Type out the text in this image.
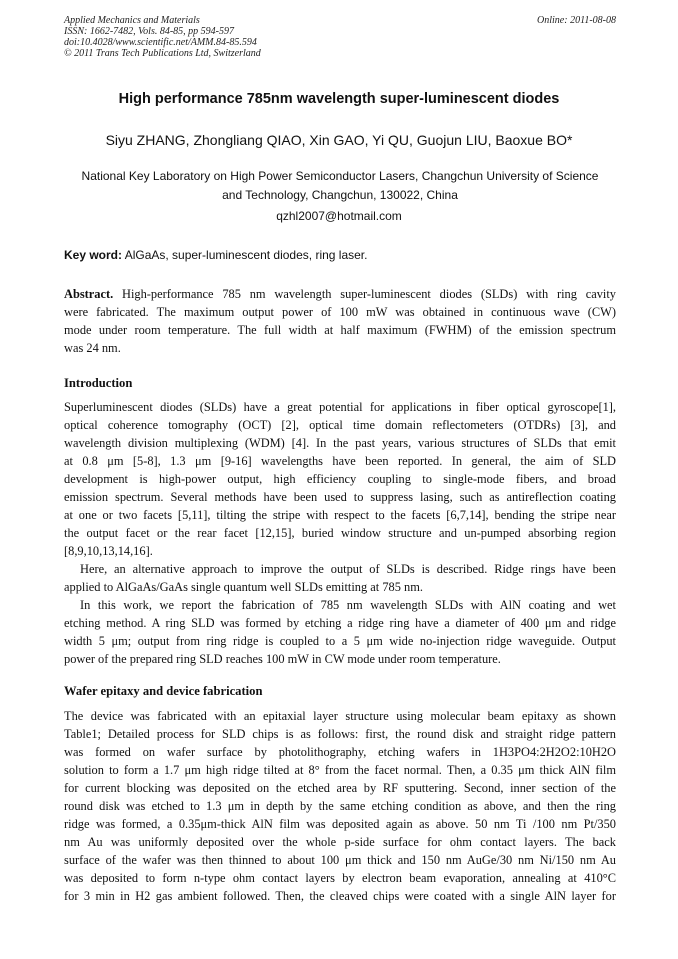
Applied Mechanics and Materials
ISSN: 1662-7482, Vols. 84-85, pp 594-597
doi:10.4028/www.scientific.net/AMM.84-85.594
© 2011 Trans Tech Publications Ltd, Switzerland
Online: 2011-08-08
High performance 785nm wavelength super-luminescent diodes
Siyu ZHANG, Zhongliang QIAO, Xin GAO, Yi QU, Guojun LIU, Baoxue BO*
National Key Laboratory on High Power Semiconductor Lasers, Changchun University of Science
and Technology, Changchun, 130022, China
qzhl2007@hotmail.com
Key word: AlGaAs, super-luminescent diodes, ring laser.
Abstract. High-performance 785 nm wavelength super-luminescent diodes (SLDs) with ring cavity
were fabricated. The maximum output power of 100 mW was obtained in continuous wave (CW)
mode under room temperature. The full width at half maximum (FWHM) of the emission spectrum
was 24 nm.
Introduction
Superluminescent diodes (SLDs) have a great potential for applications in fiber optical gyroscope[1],
optical coherence tomography (OCT) [2], optical time domain reflectometers (OTDRs) [3], and
wavelength division multiplexing (WDM) [4]. In the past years, various structures of SLDs that emit
at 0.8 μm [5-8], 1.3 μm [9-16] wavelengths have been reported. In general, the aim of SLD
development is high-power output, high efficiency coupling to single-mode fibers, and broad
emission spectrum. Several methods have been used to suppress lasing, such as antireflection coating
at one or two facets [5,11], tilting the stripe with respect to the facets [6,7,14], bending the stripe near
the output facet or the rear facet [12,15], buried window structure and un-pumped absorbing region
[8,9,10,13,14,16].
Here, an alternative approach to improve the output of SLDs is described. Ridge rings have been
applied to AlGaAs/GaAs single quantum well SLDs emitting at 785 nm.
In this work, we report the fabrication of 785 nm wavelength SLDs with AlN coating and wet
etching method. A ring SLD was formed by etching a ridge ring have a diameter of 400 μm and ridge
width 5 μm; output from ring ridge is coupled to a 5 μm wide no-injection ridge waveguide. Output
power of the prepared ring SLD reaches 100 mW in CW mode under room temperature.
Wafer epitaxy and device fabrication
The device was fabricated with an epitaxial layer structure using molecular beam epitaxy as shown
Table1; Detailed process for SLD chips is as follows: first, the round disk and straight ridge pattern
was formed on wafer surface by photolithography, etching wafers in 1H3PO4:2H2O2:10H2O
solution to form a 1.7 μm high ridge tilted at 8° from the facet normal. Then, a 0.35 μm thick AlN film
for current blocking was deposited on the etched area by RF sputtering. Second, inner section of the
round disk was etched to 1.3 μm in depth by the same etching condition as above, and then the ring
ridge was formed, a 0.35μm-thick AlN film was deposited again as above. 50 nm Ti /100 nm Pt/350
nm Au was uniformly deposited over the whole p-side surface for ohm contact layers. The back
surface of the wafer was then thinned to about 100 μm thick and 150 nm AuGe/30 nm Ni/150 nm Au
was deposited to form n-type ohm contact layers by electron beam evaporation, annealing at 410°C
for 3 min in H2 gas ambient followed. Then, the cleaved chips were coated with a single AlN layer for
